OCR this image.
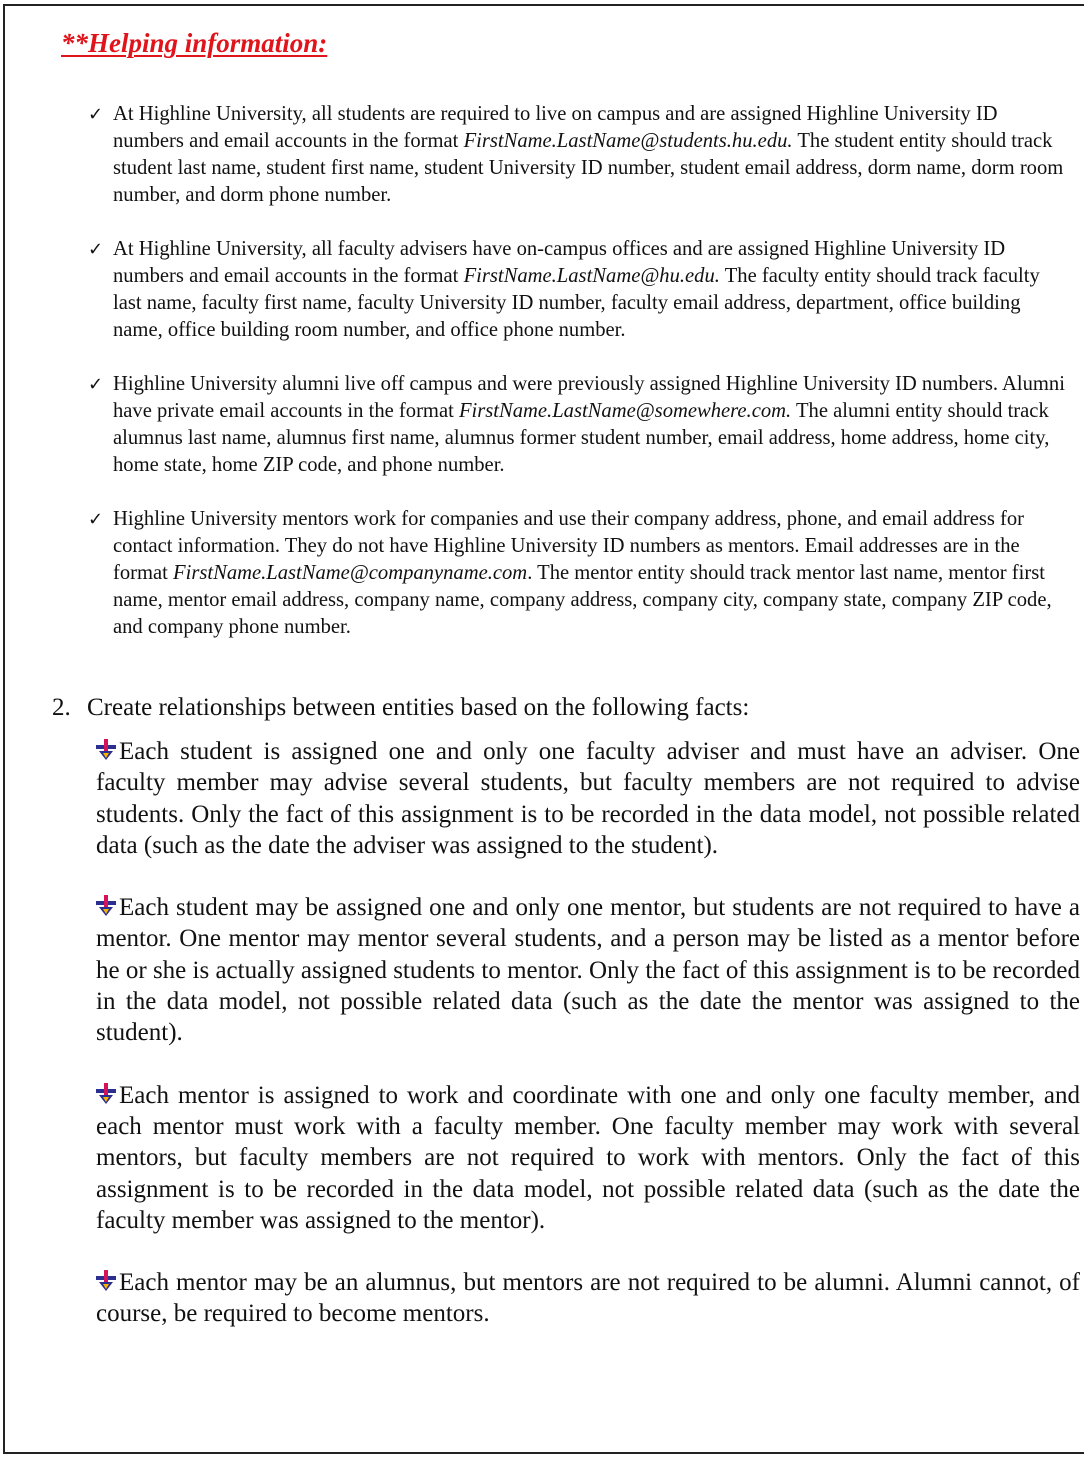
**Helping information:
✓ At Highline University, all students are required to live on campus and are assigned Highline University ID numbers and email accounts in the format FirstName.LastName@students.hu.edu. The student entity should track student last name, student first name, student University ID number, student email address, dorm name, dorm room number, and dorm phone number.
✓ At Highline University, all faculty advisers have on-campus offices and are assigned Highline University ID numbers and email accounts in the format FirstName.LastName@hu.edu. The faculty entity should track faculty last name, faculty first name, faculty University ID number, faculty email address, department, office building name, office building room number, and office phone number.
✓ Highline University alumni live off campus and were previously assigned Highline University ID numbers. Alumni have private email accounts in the format FirstName.LastName@somewhere.com. The alumni entity should track alumnus last name, alumnus first name, alumnus former student number, email address, home address, home city, home state, home ZIP code, and phone number.
✓ Highline University mentors work for companies and use their company address, phone, and email address for contact information. They do not have Highline University ID numbers as mentors. Email addresses are in the format FirstName.LastName@companyname.com. The mentor entity should track mentor last name, mentor first name, mentor email address, company name, company address, company city, company state, company ZIP code, and company phone number.
2. Create relationships between entities based on the following facts:
Each student is assigned one and only one faculty adviser and must have an adviser. One faculty member may advise several students, but faculty members are not required to advise students. Only the fact of this assignment is to be recorded in the data model, not possible related data (such as the date the adviser was assigned to the student).
Each student may be assigned one and only one mentor, but students are not required to have a mentor. One mentor may mentor several students, and a person may be listed as a mentor before he or she is actually assigned students to mentor. Only the fact of this assignment is to be recorded in the data model, not possible related data (such as the date the mentor was assigned to the student).
Each mentor is assigned to work and coordinate with one and only one faculty member, and each mentor must work with a faculty member. One faculty member may work with several mentors, but faculty members are not required to work with mentors. Only the fact of this assignment is to be recorded in the data model, not possible related data (such as the date the faculty member was assigned to the mentor).
Each mentor may be an alumnus, but mentors are not required to be alumni. Alumni cannot, of course, be required to become mentors.
